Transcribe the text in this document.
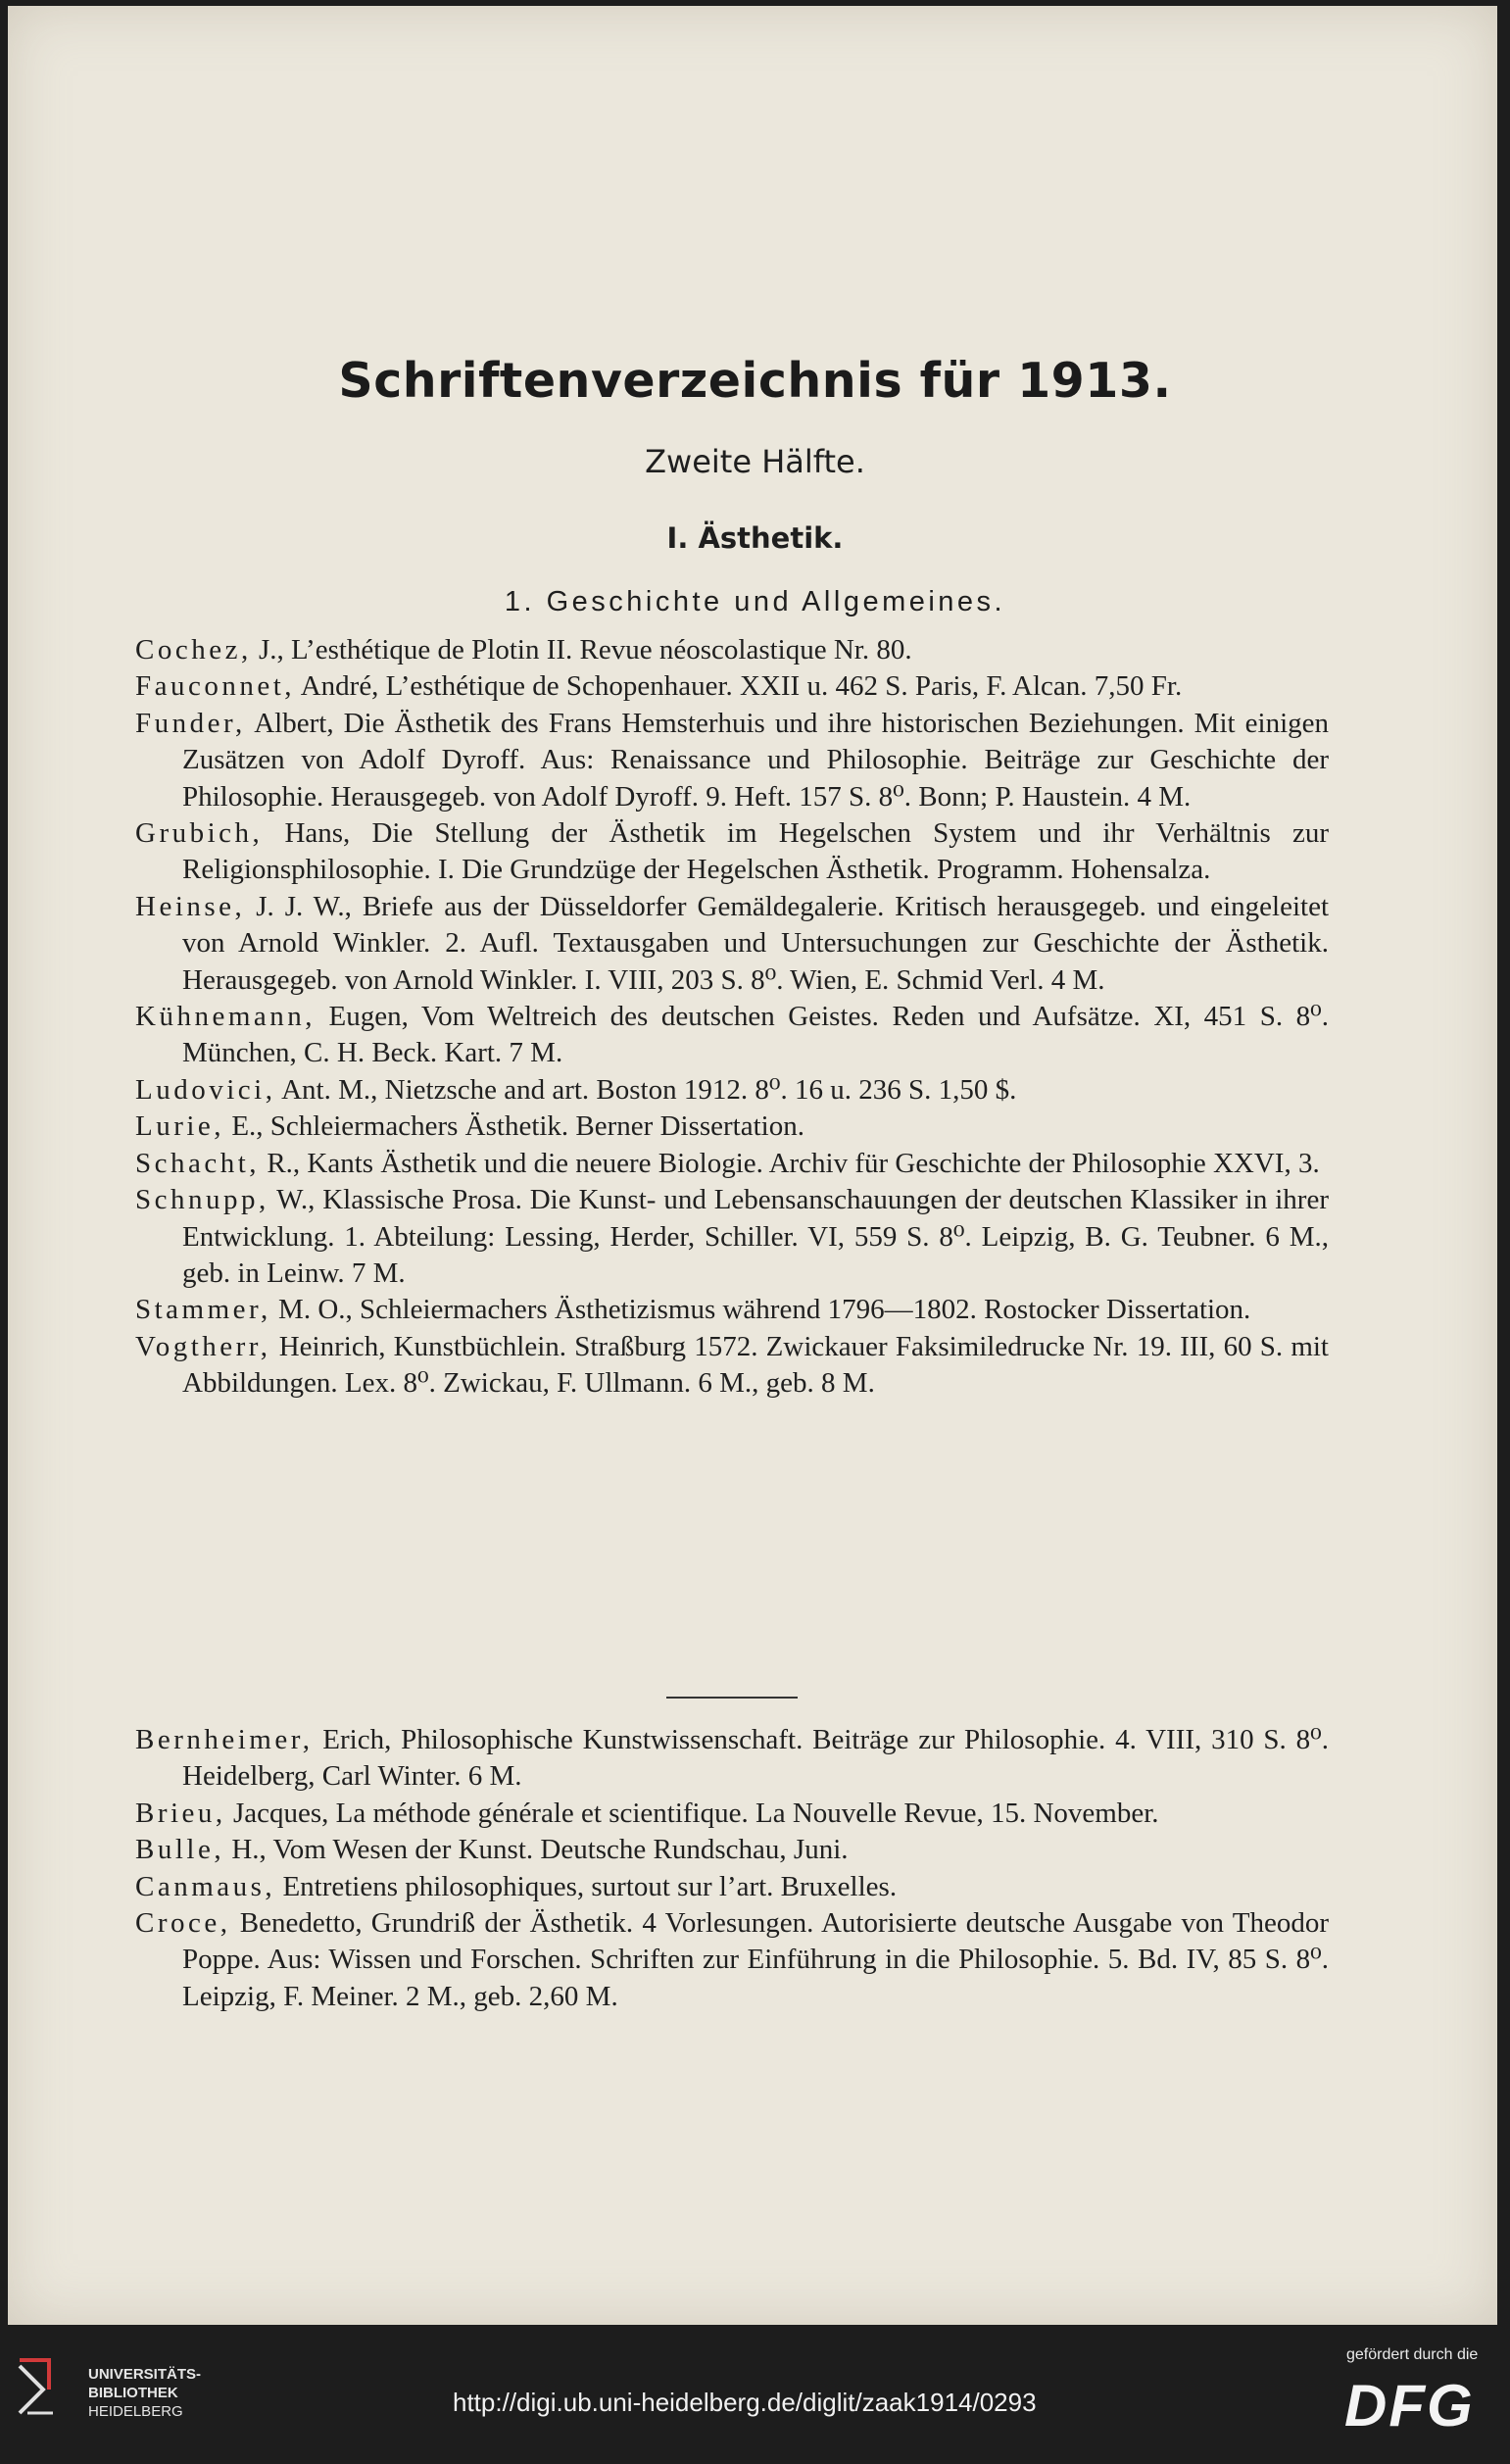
Schriftenverzeichnis für 1913.
Zweite Hälfte.
I. Ästhetik.
1. Geschichte und Allgemeines.

Cochez, J., L’esthétique de Plotin II. Revue néoscolastique Nr. 80.

Fauconnet, André, L’esthétique de Schopenhauer. XXII u. 462 S. Paris, F. Alcan. 7,50 Fr.

Funder, Albert, Die Ästhetik des Frans Hemsterhuis und ihre historischen Beziehungen. Mit einigen Zusätzen von Adolf Dyroff. Aus: Renaissance und Philosophie. Beiträge zur Geschichte der Philosophie. Herausgegeb. von Adolf Dyroff. 9. Heft. 157 S. 8⁰. Bonn; P. Haustein. 4 M.

Grubich, Hans, Die Stellung der Ästhetik im Hegelschen System und ihr Verhältnis zur Religionsphilosophie. I. Die Grundzüge der Hegelschen Ästhetik. Programm. Hohensalza.

Heinse, J. J. W., Briefe aus der Düsseldorfer Gemäldegalerie. Kritisch herausgegeb. und eingeleitet von Arnold Winkler. 2. Aufl. Textausgaben und Untersuchungen zur Geschichte der Ästhetik. Herausgegeb. von Arnold Winkler. I. VIII, 203 S. 8⁰. Wien, E. Schmid Verl. 4 M.

Kühnemann, Eugen, Vom Weltreich des deutschen Geistes. Reden und Aufsätze. XI, 451 S. 8⁰. München, C. H. Beck. Kart. 7 M.

Ludovici, Ant. M., Nietzsche and art. Boston 1912. 8⁰. 16 u. 236 S. 1,50 $.

Lurie, E., Schleiermachers Ästhetik. Berner Dissertation.

Schacht, R., Kants Ästhetik und die neuere Biologie. Archiv für Geschichte der Philosophie XXVI, 3.

Schnupp, W., Klassische Prosa. Die Kunst- und Lebensanschauungen der deutschen Klassiker in ihrer Entwicklung. 1. Abteilung: Lessing, Herder, Schiller. VI, 559 S. 8⁰. Leipzig, B. G. Teubner. 6 M., geb. in Leinw. 7 M.

Stammer, M. O., Schleiermachers Ästhetizismus während 1796—1802. Rostocker Dissertation.

Vogtherr, Heinrich, Kunstbüchlein. Straßburg 1572. Zwickauer Faksimiledrucke Nr. 19. III, 60 S. mit Abbildungen. Lex. 8⁰. Zwickau, F. Ullmann. 6 M., geb. 8 M.

Bernheimer, Erich, Philosophische Kunstwissenschaft. Beiträge zur Philosophie. 4. VIII, 310 S. 8⁰. Heidelberg, Carl Winter. 6 M.

Brieu, Jacques, La méthode générale et scientifique. La Nouvelle Revue, 15. November.

Bulle, H., Vom Wesen der Kunst. Deutsche Rundschau, Juni.

Canmaus, Entretiens philosophiques, surtout sur l’art. Bruxelles.

Croce, Benedetto, Grundriß der Ästhetik. 4 Vorlesungen. Autorisierte deutsche Ausgabe von Theodor Poppe. Aus: Wissen und Forschen. Schriften zur Einführung in die Philosophie. 5. Bd. IV, 85 S. 8⁰. Leipzig, F. Meiner. 2 M., geb. 2,60 M.

UNIVERSITÄTS-
BIBLIOTHEK
HEIDELBERG	http://digi.ub.uni-heidelberg.de/diglit/zaak1914/0293
gefördert durch die
DFG
